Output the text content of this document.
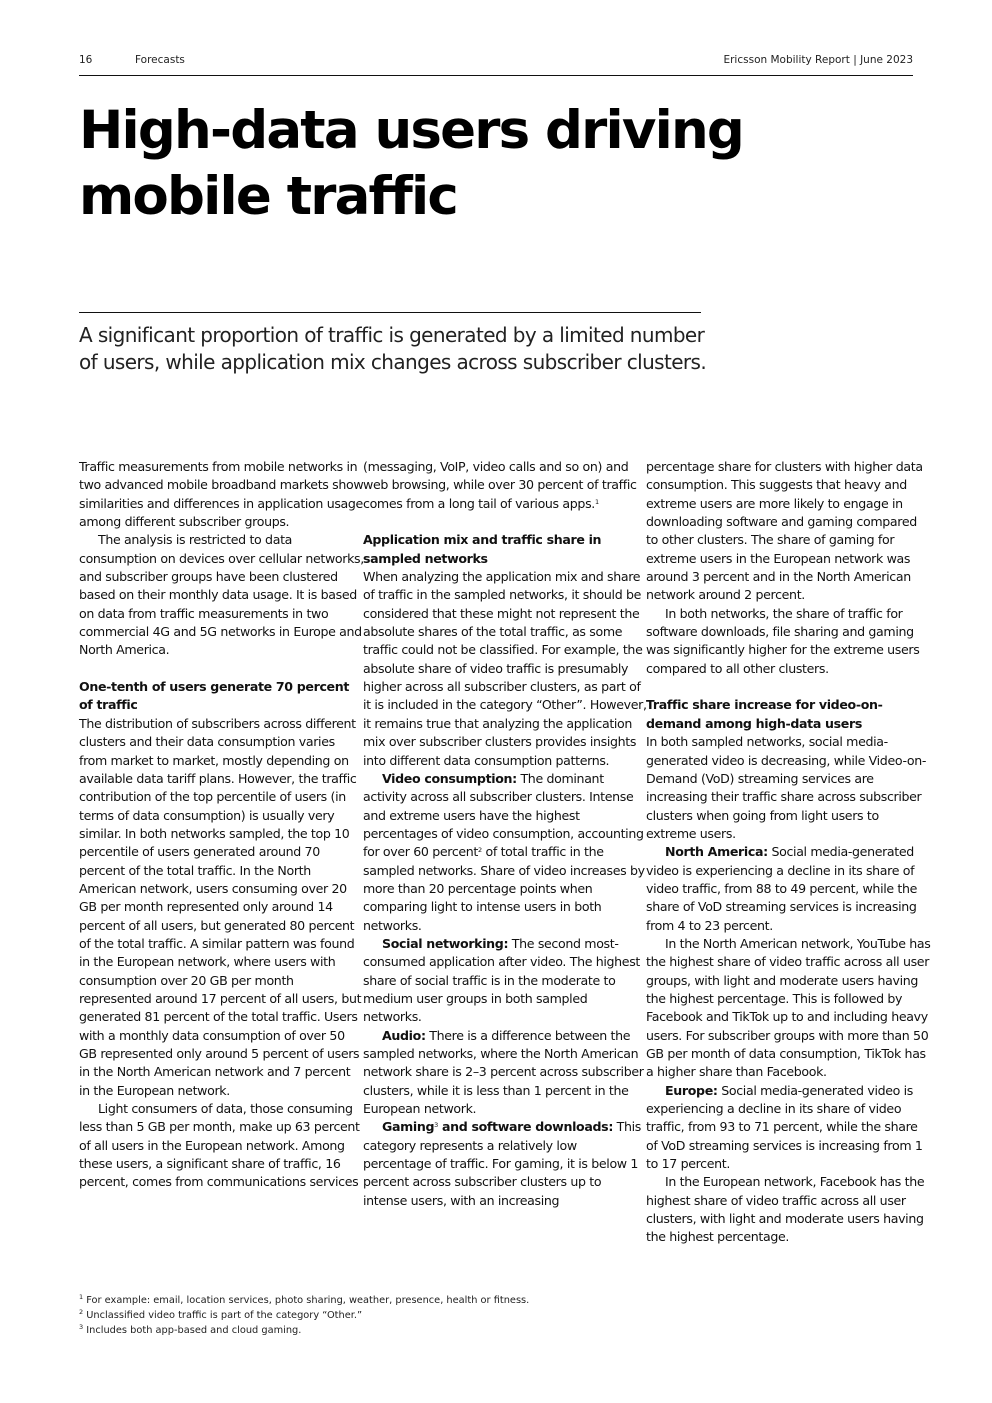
16	Forecasts	Ericsson Mobility Report | June 2023
High-data users driving mobile traffic

A significant proportion of traffic is generated by a limited number of users, while application mix changes across subscriber clusters.

Traffic measurements from mobile networks in two advanced mobile broadband markets show similarities and differences in application usage among different subscriber groups.

The analysis is restricted to data consumption on devices over cellular networks, and subscriber groups have been clustered based on their monthly data usage. It is based on data from traffic measurements in two commercial 4G and 5G networks in Europe and North America.

One-tenth of users generate 70 percent of traffic

The distribution of subscribers across different clusters and their data consumption varies from market to market, mostly depending on available data tariff plans. However, the traffic contribution of the top percentile of users (in terms of data consumption) is usually very similar. In both networks sampled, the top 10 percentile of users generated around 70 percent of the total traffic. In the North American network, users consuming over 20 GB per month represented only around 14 percent of all users, but generated 80 percent of the total traffic. A similar pattern was found in the European network, where users with consumption over 20 GB per month represented around 17 percent of all users, but generated 81 percent of the total traffic. Users with a monthly data consumption of over 50 GB represented only around 5 percent of users in the North American network and 7 percent in the European network.

Light consumers of data, those consuming less than 5 GB per month, make up 63 percent of all users in the European network. Among these users, a significant share of traffic, 16 percent, comes from communications services

(messaging, VoIP, video calls and so on) and web browsing, while over 30 percent of traffic comes from a long tail of various apps.$^1$

Application mix and traffic share in sampled networks

When analyzing the application mix and share of traffic in the sampled networks, it should be considered that these might not represent the absolute shares of the total traffic, as some traffic could not be classified. For example, the absolute share of video traffic is presumably higher across all subscriber clusters, as part of it is included in the category “Other”. However, it remains true that analyzing the application mix over subscriber clusters provides insights into different data consumption patterns.

Video consumption: The dominant activity across all subscriber clusters. Intense and extreme users have the highest percentages of video consumption, accounting for over 60 percent$^2$ of total traffic in the sampled networks. Share of video increases by more than 20 percentage points when comparing light to intense users in both networks.

Social networking: The second most-consumed application after video. The highest share of social traffic is in the moderate to medium user groups in both sampled networks.

Audio: There is a difference between the sampled networks, where the North American network share is 2–3 percent across subscriber clusters, while it is less than 1 percent in the European network.

Gaming$^3$ and software downloads: This category represents a relatively low percentage of traffic. For gaming, it is below 1 percent across subscriber clusters up to intense users, with an increasing

percentage share for clusters with higher data consumption. This suggests that heavy and extreme users are more likely to engage in downloading software and gaming compared to other clusters. The share of gaming for extreme users in the European network was around 3 percent and in the North American network around 2 percent.

In both networks, the share of traffic for software downloads, file sharing and gaming was significantly higher for the extreme users compared to all other clusters.

Traffic share increase for video-on-demand among high-data users

In both sampled networks, social media-generated video is decreasing, while Video-on-Demand (VoD) streaming services are increasing their traffic share across subscriber clusters when going from light users to extreme users.

North America: Social media-generated video is experiencing a decline in its share of video traffic, from 88 to 49 percent, while the share of VoD streaming services is increasing from 4 to 23 percent.

In the North American network, YouTube has the highest share of video traffic across all user groups, with light and moderate users having the highest percentage. This is followed by Facebook and TikTok up to and including heavy users. For subscriber groups with more than 50 GB per month of data consumption, TikTok has a higher share than Facebook.

Europe: Social media-generated video is experiencing a decline in its share of video traffic, from 93 to 71 percent, while the share of VoD streaming services is increasing from 1 to 17 percent.

In the European network, Facebook has the highest share of video traffic across all user clusters, with light and moderate users having the highest percentage.

$^1$ For example: email, location services, photo sharing, weather, presence, health or fitness.

$^2$ Unclassified video traffic is part of the category “Other.”

$^3$ Includes both app-based and cloud gaming.
